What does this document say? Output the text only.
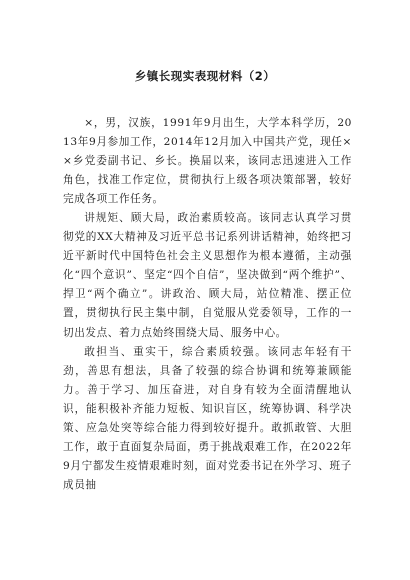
乡镇长现实表现材料（2）

×，男，汉族，1991年9月出生，大学本科学历，2013年9月参加工作，2014年12月加入中国共产党，现任××乡党委副书记、乡长。换届以来，该同志迅速进入工作角色，找准工作定位，贯彻执行上级各项决策部署，较好完成各项工作任务。

讲规矩、顾大局，政治素质较高。该同志认真学习贯彻党的XX大精神及习近平总书记系列讲话精神，始终把习近平新时代中国特色社会主义思想作为根本遵循，主动强化“四个意识”、坚定“四个自信”，坚决做到“两个维护”、捍卫“两个确立”。讲政治、顾大局，站位精准、摆正位置，贯彻执行民主集中制，自觉服从党委领导，工作的一切出发点、着力点始终围绕大局、服务中心。

敢担当、重实干，综合素质较强。该同志年轻有干劲，善思有想法，具备了较强的综合协调和统筹兼顾能力。善于学习、加压奋进，对自身有较为全面清醒地认识，能积极补齐能力短板、知识盲区，统筹协调、科学决策、应急处突等综合能力得到较好提升。敢抓敢管、大胆工作，敢于直面复杂局面，勇于挑战艰难工作，在2022年9月宁都发生疫情艰难时刻，面对党委书记在外学习、班子成员抽
